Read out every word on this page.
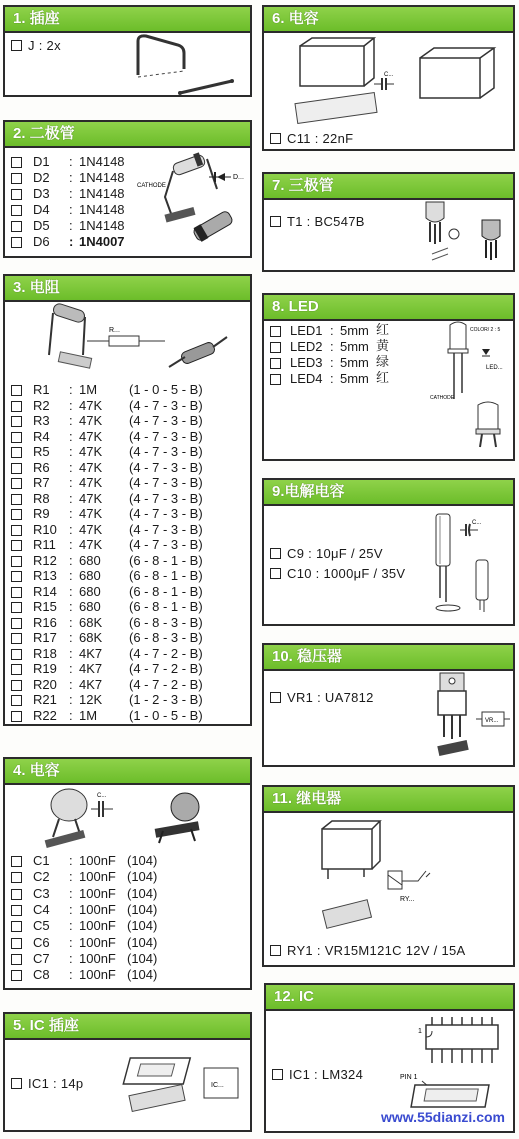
1. 插座
J : 2x
2. 二极管
D1 : 1N4148
D2 : 1N4148
D3 : 1N4148
D4 : 1N4148
D5 : 1N4148
D6 : 1N4007
CATHODE
D...
3. 电阻
R...
R1 : 1M (1 - 0 - 5 - B)
R2 : 47K (4 - 7 - 3 - B)
R3 : 47K (4 - 7 - 3 - B)
R4 : 47K (4 - 7 - 3 - B)
R5 : 47K (4 - 7 - 3 - B)
R6 : 47K (4 - 7 - 3 - B)
R7 : 47K (4 - 7 - 3 - B)
R8 : 47K (4 - 7 - 3 - B)
R9 : 47K (4 - 7 - 3 - B)
R10 : 47K (4 - 7 - 3 - B)
R11 : 47K (4 - 7 - 3 - B)
R12 : 680 (6 - 8 - 1 - B)
R13 : 680 (6 - 8 - 1 - B)
R14 : 680 (6 - 8 - 1 - B)
R15 : 680 (6 - 8 - 1 - B)
R16 : 68K (6 - 8 - 3 - B)
R17 : 68K (6 - 8 - 3 - B)
R18 : 4K7 (4 - 7 - 2 - B)
R19 : 4K7 (4 - 7 - 2 - B)
R20 : 4K7 (4 - 7 - 2 - B)
R21 : 12K (1 - 2 - 3 - B)
R22 : 1M (1 - 0 - 5 - B)
4. 电容
C...
C1 : 100nF (104)
C2 : 100nF (104)
C3 : 100nF (104)
C4 : 100nF (104)
C5 : 100nF (104)
C6 : 100nF (104)
C7 : 100nF (104)
C8 : 100nF (104)
5. IC 插座
IC1 : 14p	IC...
6. 电容
C...
C11 : 22nF
7. 三极管
T1 : BC547B
8. LED
LED1 : 5mm 红
LED2 : 5mm 黄
LED3 : 5mm 绿
LED4 : 5mm 红
COLOR/ 2 : 5
LED...
CATHODE
9.电解电容
C9 : 10μF / 25V
C10 : 1000μF / 35V
C...
10. 稳压器
VR1 : UA7812
VR...
11. 继电器
RY...
RY1 : VR15M121C 12V / 15A
12. IC
IC1 : LM324
1
PIN 1
www.55dianzi.com
